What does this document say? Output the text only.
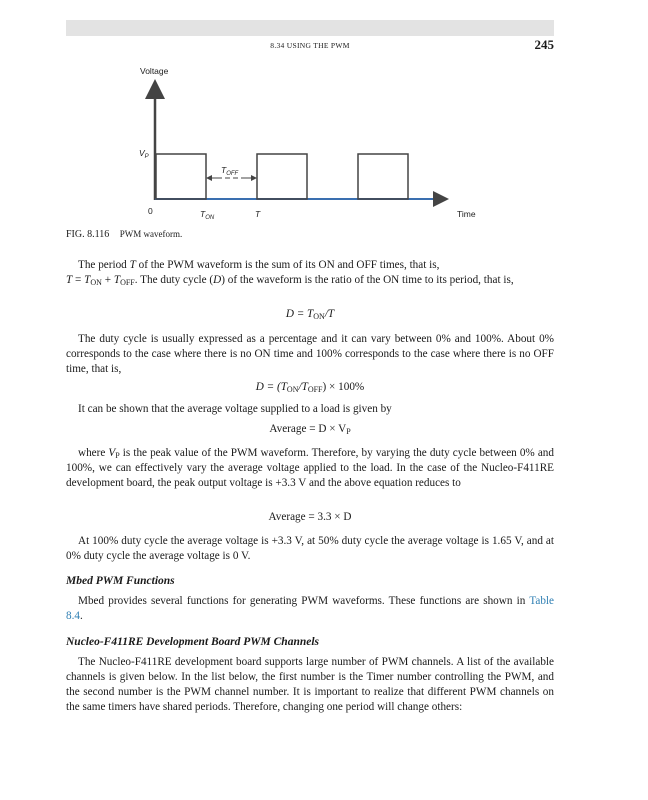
8.34 USING THE PWM	245
Voltage
Time
$V_P$
0
$T_{OFF}$
$T_{ON}$	T
FIG. 8.116 PWM waveform.

The period T of the PWM waveform is the sum of its ON and OFF times, that is,
$T = T_{ON} + T_{OFF}$. The duty cycle (D) of the waveform is the ratio of the ON time to its period, that is,

$D = T_{ON}/T$

The duty cycle is usually expressed as a percentage and it can vary between 0% and 100%. About 0% corresponds to the case where there is no ON time and 100% corresponds to the case where there is no OFF time, that is,

$D = (T_{ON}/T_{OFF}) \times 100\%$

It can be shown that the average voltage supplied to a load is given by

Average = $D \times V_P$

where $V_P$ is the peak value of the PWM waveform. Therefore, by varying the duty cycle between 0% and 100%, we can effectively vary the average voltage applied to the load. In the case of the Nucleo-F411RE development board, the peak output voltage is +3.3 V and the above equation reduces to

Average = 3.3 × D

At 100% duty cycle the average voltage is +3.3 V, at 50% duty cycle the average voltage is 1.65 V, and at 0% duty cycle the average voltage is 0 V.

Mbed PWM Functions

Mbed provides several functions for generating PWM waveforms. These functions are shown in Table 8.4.

Nucleo-F411RE Development Board PWM Channels

The Nucleo-F411RE development board supports large number of PWM channels. A list of the available channels is given below. In the list below, the first number is the Timer number controlling the PWM, and the second number is the PWM channel number. It is important to realize that different PWM channels on the same timers have shared periods. Therefore, changing one period will change others:
